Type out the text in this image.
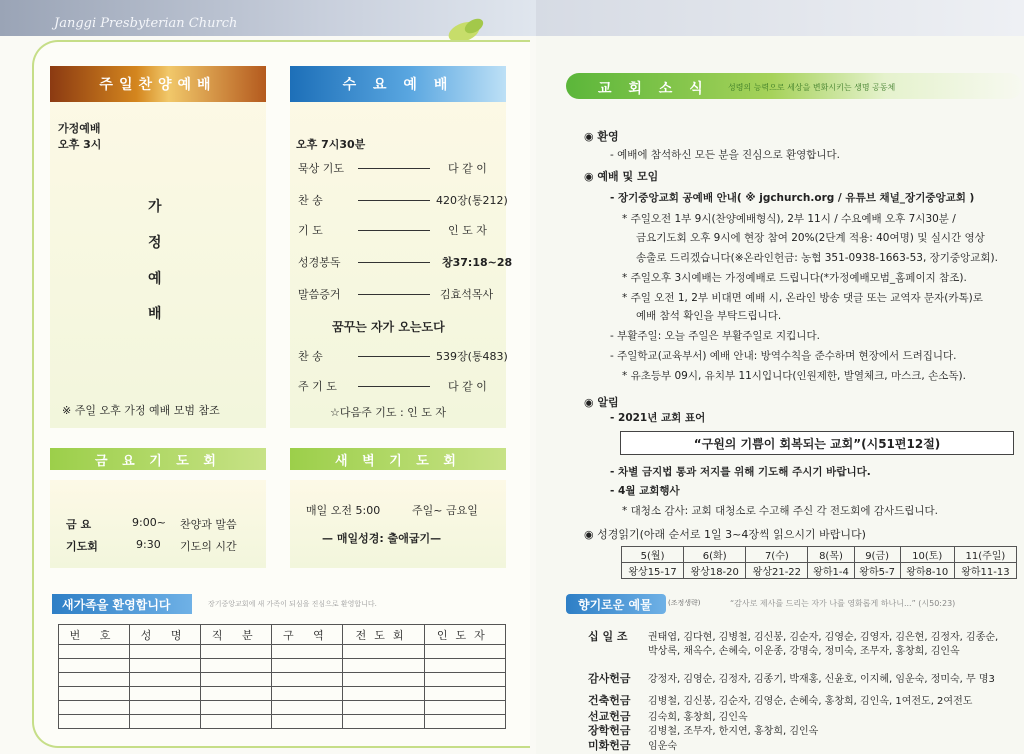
Janggi Presbyterian Church
주일찬양예배
가정예배
오후 3시
가
정
예
배
※ 주일 오후 가정 예배 모범 참조
수 요 예 배
오후 7시30분
묵상 기도	다 같 이
찬 송	420장(통212)
기 도	인 도 자
성경봉독	창37:18~28
말씀증거	김효석목사
꿈꾸는 자가 오는도다
찬 송	539장(통483)
주 기 도	다 같 이
☆다음주 기도 : 인 도 자
금 요 기 도 회
금 요	9:00~ 찬양과 말씀
기도회	9:30 기도의 시간
새 벽 기 도 회
매일 오전 5:00	주일~ 금요일
— 매일성경: 출애굽기—
새가족을 환영합니다	장기중앙교회에 새 가족이 되심을 진심으로 환영합니다.
번 호	성 명	직 분	구 역	전도회	인도자

교 회 소 식 성령의 능력으로 세상을 변화시키는 생명 공동체
◉ 환영
- 예배에 참석하신 모든 분을 진심으로 환영합니다.
◉ 예배 및 모임
- 장기중앙교회 공예배 안내( ※ jgchurch.org / 유튜브 채널_장기중앙교회 )
* 주일오전 1부 9시(찬양예배형식), 2부 11시 / 수요예배 오후 7시30분 /
금요기도회 오후 9시에 현장 참여 20%(2단계 적용: 40여명) 및 실시간 영상
송출로 드리겠습니다(※온라인헌금: 농협 351-0938-1663-53, 장기중앙교회).
* 주일오후 3시예배는 가정예배로 드립니다(*가정예배모범_홈페이지 참조).
* 주일 오전 1, 2부 비대면 예배 시, 온라인 방송 댓글 또는 교역자 문자(카톡)로
예배 참석 확인을 부탁드립니다.
- 부활주일: 오늘 주일은 부활주일로 지킵니다.
- 주일학교(교육부서) 예배 안내: 방역수칙을 준수하며 현장에서 드려집니다.
* 유초등부 09시, 유치부 11시입니다(인원제한, 발열체크, 마스크, 손소독).
◉ 알림
- 2021년 교회 표어
“구원의 기쁨이 회복되는 교회”(시51편12절)
- 차별 금지법 통과 저지를 위해 기도해 주시기 바랍니다.
- 4월 교회행사
* 대청소 감사: 교회 대청소로 수고해 주신 각 전도회에 감사드립니다.
◉ 성경읽기(아래 순서로 1일 3~4장씩 읽으시기 바랍니다)
5(월)	6(화)	7(수)	8(목)	9(금)	10(토)	11(주일)
왕상15-17	왕상18-20	왕상21-22	왕하1-4	왕하5-7	왕하8-10	왕하11-13
향기로운 예물	(조정생략)	“감사로 제사를 드리는 자가 나를 영화롭게 하나니...” (시50:23)
십 일 조 권태엽, 김다현, 김병철, 김신봉, 김순자, 김영순, 김영자, 김은현, 김정자, 김종순,
박상록, 채옥수, 손혜숙, 이운종, 강명숙, 정미숙, 조무자, 홍창희, 김인옥
감사헌금 강정자, 김영순, 김정자, 김종기, 박재홍, 신윤호, 이지혜, 임운숙, 정미숙, 무 명3
건축헌금 김병철, 김신봉, 김순자, 김영순, 손혜숙, 홍창희, 김인옥, 1여전도, 2여전도
선교헌금 김숙희, 홍창희, 김인옥
장학헌금 김병철, 조무자, 한지연, 홍창희, 김인옥
미화헌금 임운숙
